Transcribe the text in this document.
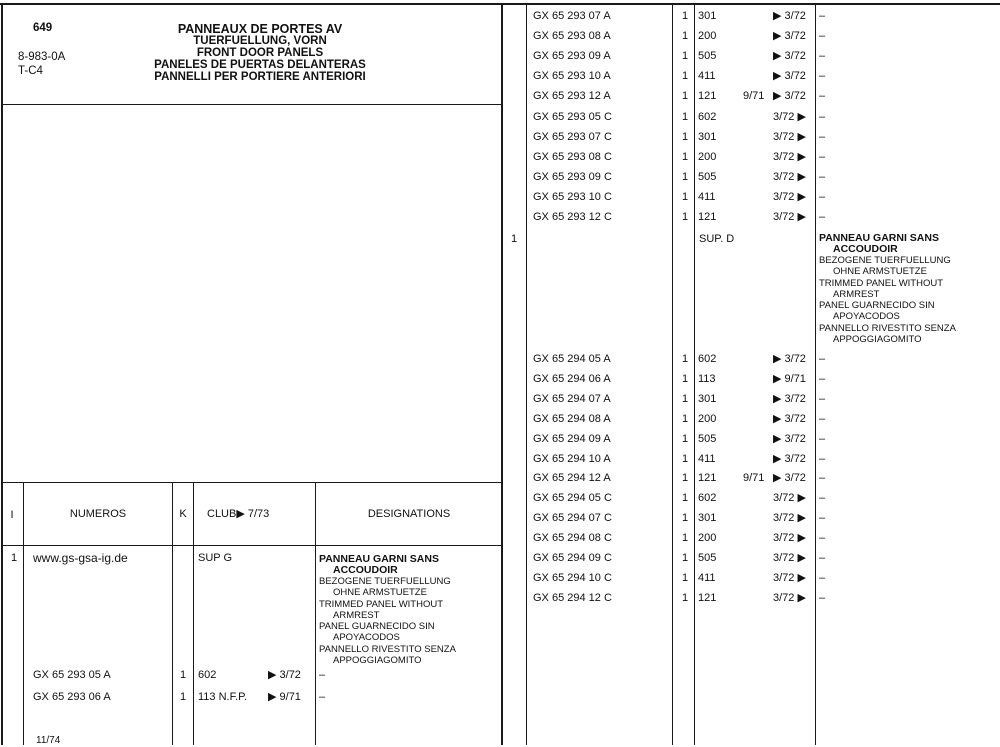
649
8-983-0A
T-C4
PANNEAUX DE PORTES AV
TUERFUELLUNG, VORN
FRONT DOOR PANELS
PANELES DE PUERTAS DELANTERAS
PANNELLI PER PORTIERE ANTERIORI
I	NUMEROS	K	CLUB▶ 7/73	DESIGNATIONS
1 www.gs-gsa-ig.de	SUP G	PANNEAU GARNI SANS
ACCOUDOIR
BEZOGENE TUERFUELLUNG
OHNE ARMSTUETZE
TRIMMED PANEL WITHOUT
ARMREST
PANEL GUARNECIDO SIN
APOYACODOS
PANNELLO RIVESTITO SENZA
APPOGGIAGOMITO
GX 65 293 05 A	1 602	▶ 3/72 –
GX 65 293 06 A	1 113 N.F.P. ▶ 9/71 –
11/74
GX 65 293 07 A	1 301	▶ 3/72 –
GX 65 293 08 A	1 200	▶ 3/72 –
GX 65 293 09 A	1 505	▶ 3/72 –
GX 65 293 10 A	1 411	▶ 3/72 –
GX 65 293 12 A	1 121 9/71 ▶ 3/72 –
GX 65 293 05 C	1 602	3/72 ▶ –
GX 65 293 07 C	1 301	3/72 ▶ –
GX 65 293 08 C	1 200	3/72 ▶ –
GX 65 293 09 C	1 505	3/72 ▶ –
GX 65 293 10 C	1 411	3/72 ▶ –
GX 65 293 12 C	1 121	3/72 ▶ –
1	SUP. D	PANNEAU GARNI SANS
ACCOUDOIR
BEZOGENE TUERFUELLUNG
OHNE ARMSTUETZE
TRIMMED PANEL WITHOUT
ARMREST
PANEL GUARNECIDO SIN
APOYACODOS
PANNELLO RIVESTITO SENZA
APPOGGIAGOMITO
GX 65 294 05 A	1 602	▶ 3/72 –
GX 65 294 06 A	1 113	▶ 9/71 –
GX 65 294 07 A	1 301	▶ 3/72 –
GX 65 294 08 A	1 200	▶ 3/72 –
GX 65 294 09 A	1 505	▶ 3/72 –
GX 65 294 10 A	1 411	▶ 3/72 –
GX 65 294 12 A	1 121 9/71 ▶ 3/72 –
GX 65 294 05 C	1 602	3/72 ▶ –
GX 65 294 07 C	1 301	3/72 ▶ –
GX 65 294 08 C	1 200	3/72 ▶ –
GX 65 294 09 C	1 505	3/72 ▶ –
GX 65 294 10 C	1 411	3/72 ▶ –
GX 65 294 12 C	1 121	3/72 ▶ –
